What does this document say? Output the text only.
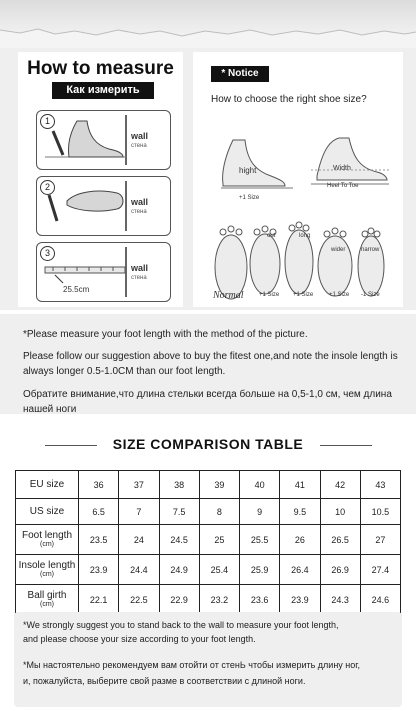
How to measure
Как измерить
1
wall
стена
2
wall
стена
3
wall
стена
25.5cm
* Notice
How to choose the right shoe size?
hight	Width
Heel To Toe
+1 Size
out	long
wider	narrow
Normal	+1 Size +1 Size	+1 Size -1 Size
*Please measure your foot length with the method of the picture.
Please follow our suggestion above to buy the fitest one,and note the insole length is always longer 0.5-1.0CM than our foot length.
Обратите внимание,что длина стельки всегда больше на 0,5-1,0 см, чем длина нашей ноги
SIZE COMPARISON TABLE
EU size	36	37	38	39	40	41	42	43
US size	6.5	7	7.5	8	9	9.5	10	10.5
Foot length
(cm)	23.5	24	24.5	25	25.5	26	26.5	27
Insole length
(cm)	23.9	24.4	24.9	25.4	25.9	26.4	26.9	27.4
Ball girth
(cm)	22.1	22.5	22.9	23.2	23.6	23.9	24.3	24.6
*We strongly suggest you to stand back to the wall to measure your foot length,
and please choose your size according to your foot length.
*Мы настоятельно рекомендуем вам отойти от стенЬ чтобы измерить длину ног,
и, пожалуйста, выберите свой разме в соответствии с длиной ноги.
